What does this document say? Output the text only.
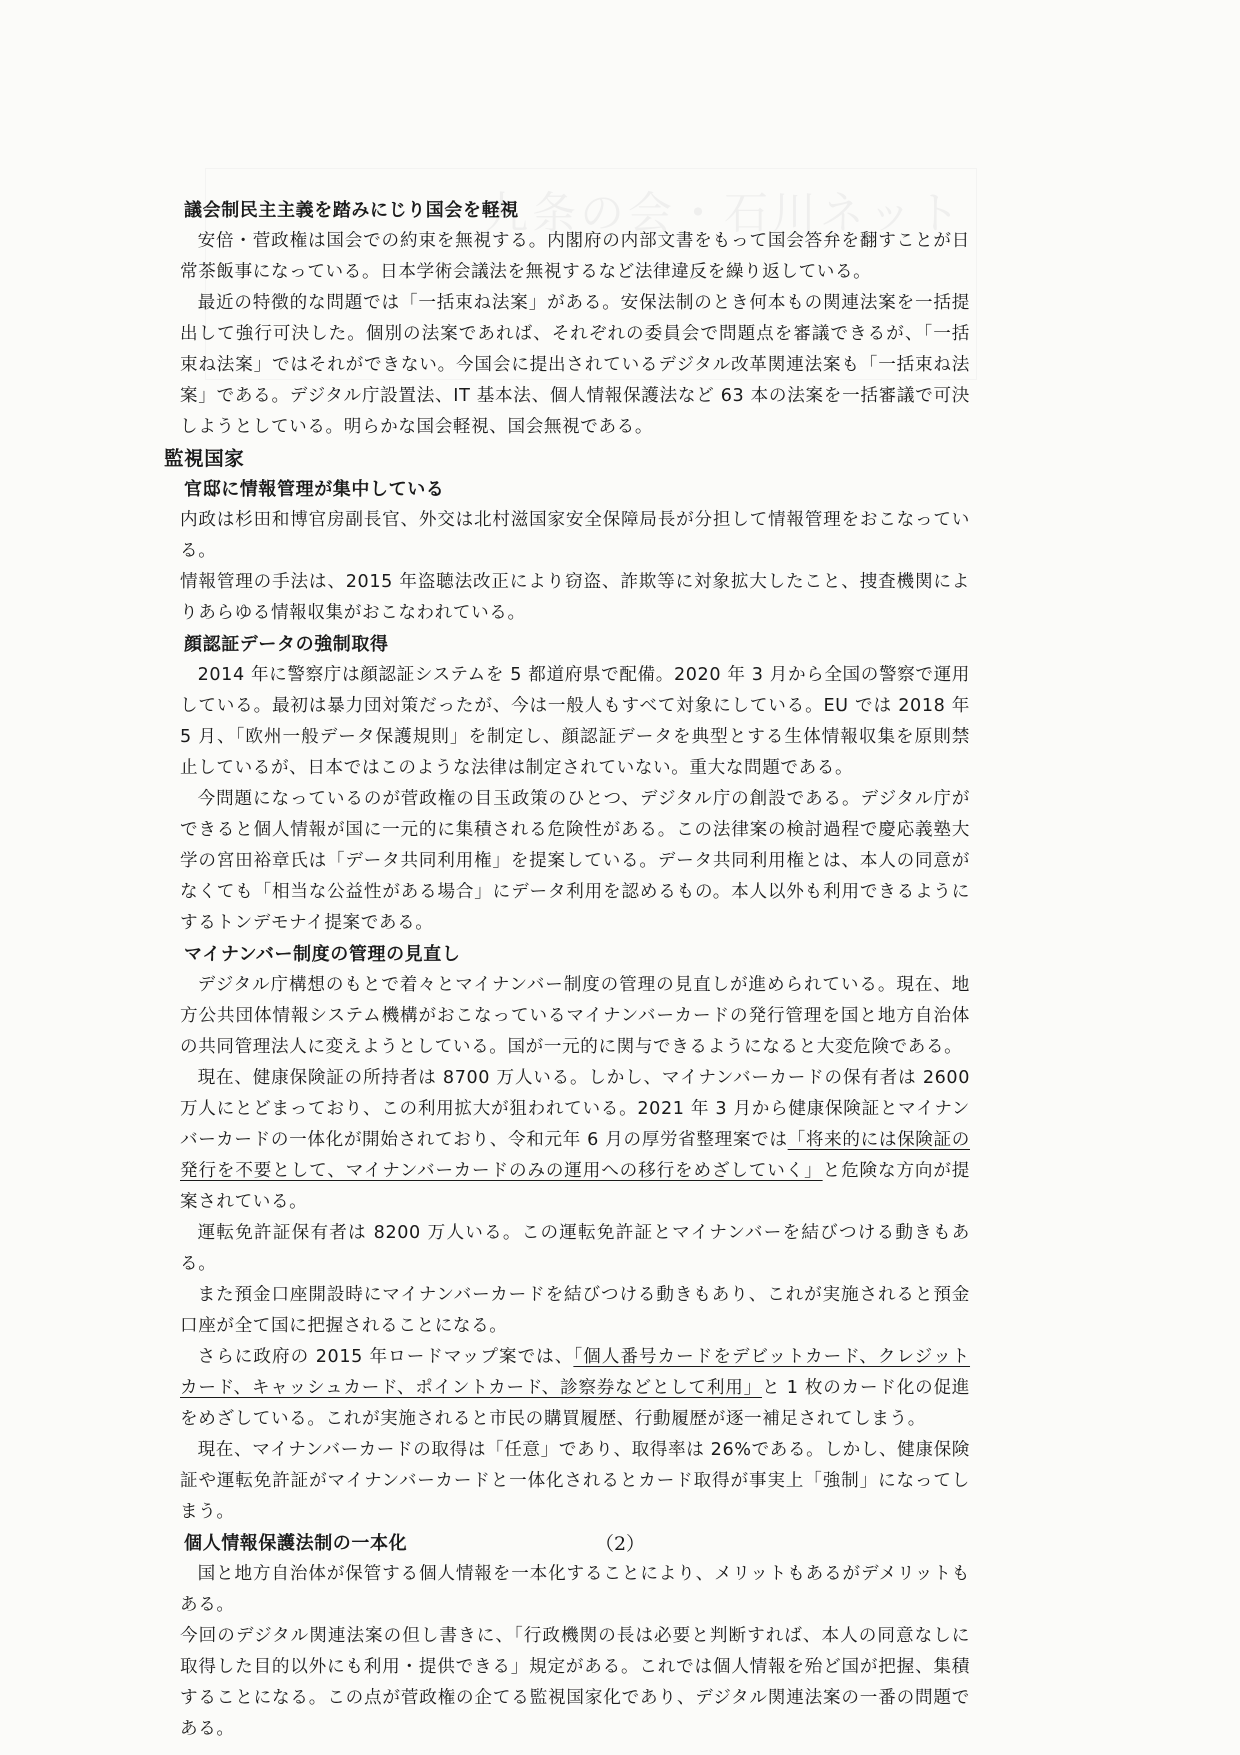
九条の会・石川ネット
議会制民主主義を踏みにじり国会を軽視

安倍・菅政権は国会での約束を無視する。内閣府の内部文書をもって国会答弁を翻すことが日常茶飯事になっている。日本学術会議法を無視するなど法律違反を繰り返している。

最近の特徴的な問題では「一括束ね法案」がある。安保法制のとき何本もの関連法案を一括提出して強行可決した。個別の法案であれば、それぞれの委員会で問題点を審議できるが、「一括束ね法案」ではそれができない。今国会に提出されているデジタル改革関連法案も「一括束ね法案」である。デジタル庁設置法、IT 基本法、個人情報保護法など 63 本の法案を一括審議で可決しようとしている。明らかな国会軽視、国会無視である。

監視国家
官邸に情報管理が集中している

内政は杉田和博官房副長官、外交は北村滋国家安全保障局長が分担して情報管理をおこなっている。

情報管理の手法は、2015 年盗聴法改正により窃盗、詐欺等に対象拡大したこと、捜査機関によりあらゆる情報収集がおこなわれている。

顔認証データの強制取得

2014 年に警察庁は顔認証システムを 5 都道府県で配備。2020 年 3 月から全国の警察で運用している。最初は暴力団対策だったが、今は一般人もすべて対象にしている。EU では 2018 年 5 月、「欧州一般データ保護規則」を制定し、顔認証データを典型とする生体情報収集を原則禁止しているが、日本ではこのような法律は制定されていない。重大な問題である。

今問題になっているのが菅政権の目玉政策のひとつ、デジタル庁の創設である。デジタル庁ができると個人情報が国に一元的に集積される危険性がある。この法律案の検討過程で慶応義塾大学の宮田裕章氏は「データ共同利用権」を提案している。データ共同利用権とは、本人の同意がなくても「相当な公益性がある場合」にデータ利用を認めるもの。本人以外も利用できるようにするトンデモナイ提案である。

マイナンバー制度の管理の見直し

デジタル庁構想のもとで着々とマイナンバー制度の管理の見直しが進められている。現在、地方公共団体情報システム機構がおこなっているマイナンバーカードの発行管理を国と地方自治体の共同管理法人に変えようとしている。国が一元的に関与できるようになると大変危険である。

現在、健康保険証の所持者は 8700 万人いる。しかし、マイナンバーカードの保有者は 2600 万人にとどまっており、この利用拡大が狙われている。2021 年 3 月から健康保険証とマイナンバーカードの一体化が開始されており、令和元年 6 月の厚労省整理案では「将来的には保険証の発行を不要として、マイナンバーカードのみの運用への移行をめざしていく」と危険な方向が提案されている。

運転免許証保有者は 8200 万人いる。この運転免許証とマイナンバーを結びつける動きもある。

また預金口座開設時にマイナンバーカードを結びつける動きもあり、これが実施されると預金口座が全て国に把握されることになる。

さらに政府の 2015 年ロードマップ案では、「個人番号カードをデビットカード、クレジットカード、キャッシュカード、ポイントカード、診察券などとして利用」と 1 枚のカード化の促進をめざしている。これが実施されると市民の購買履歴、行動履歴が逐一補足されてしまう。

現在、マイナンバーカードの取得は「任意」であり、取得率は 26%である。しかし、健康保険証や運転免許証がマイナンバーカードと一体化されるとカード取得が事実上「強制」になってしまう。

個人情報保護法制の一本化

国と地方自治体が保管する個人情報を一本化することにより、メリットもあるがデメリットもある。

今回のデジタル関連法案の但し書きに、「行政機関の長は必要と判断すれば、本人の同意なしに取得した目的以外にも利用・提供できる」規定がある。これでは個人情報を殆ど国が把握、集積することになる。この点が菅政権の企てる監視国家化であり、デジタル関連法案の一番の問題である。

（2）
